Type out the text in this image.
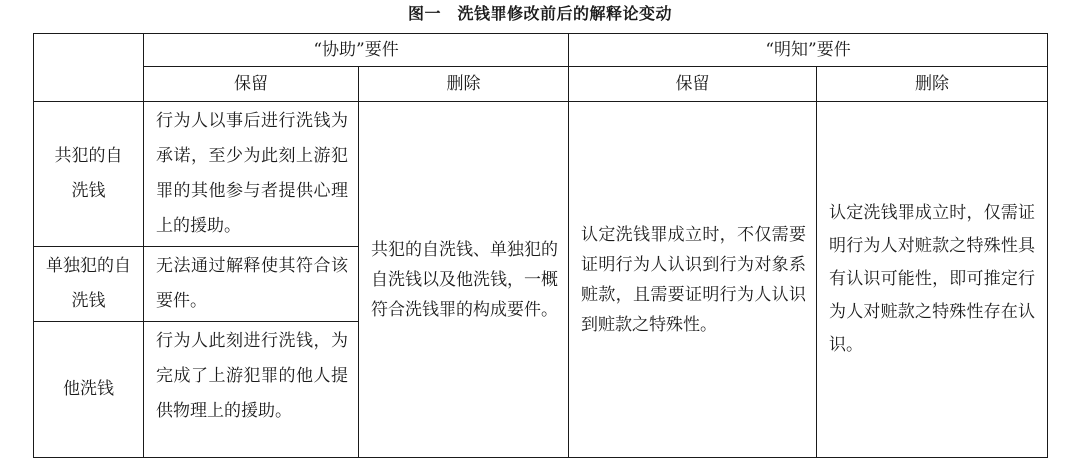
图一　洗钱罪修改前后的解释论变动
	“协助”要件		“明知”要件	
	保留	删除	保留	删除
共犯的自洗钱	行为人以事后进行洗钱为承诺，至少为此刻上游犯罪的其他参与者提供心理上的援助。	共犯的自洗钱、单独犯的自洗钱以及他洗钱，一概符合洗钱罪的构成要件。	认定洗钱罪成立时，不仅需要证明行为人认识到行为对象系赃款，且需要证明行为人认识到赃款之特殊性。	认定洗钱罪成立时，仅需证明行为人对赃款之特殊性具有认识可能性，即可推定行为人对赃款之特殊性存在认识。
单独犯的自洗钱	无法通过解释使其符合该要件。			
他洗钱	行为人此刻进行洗钱，为完成了上游犯罪的他人提供物理上的援助。			
